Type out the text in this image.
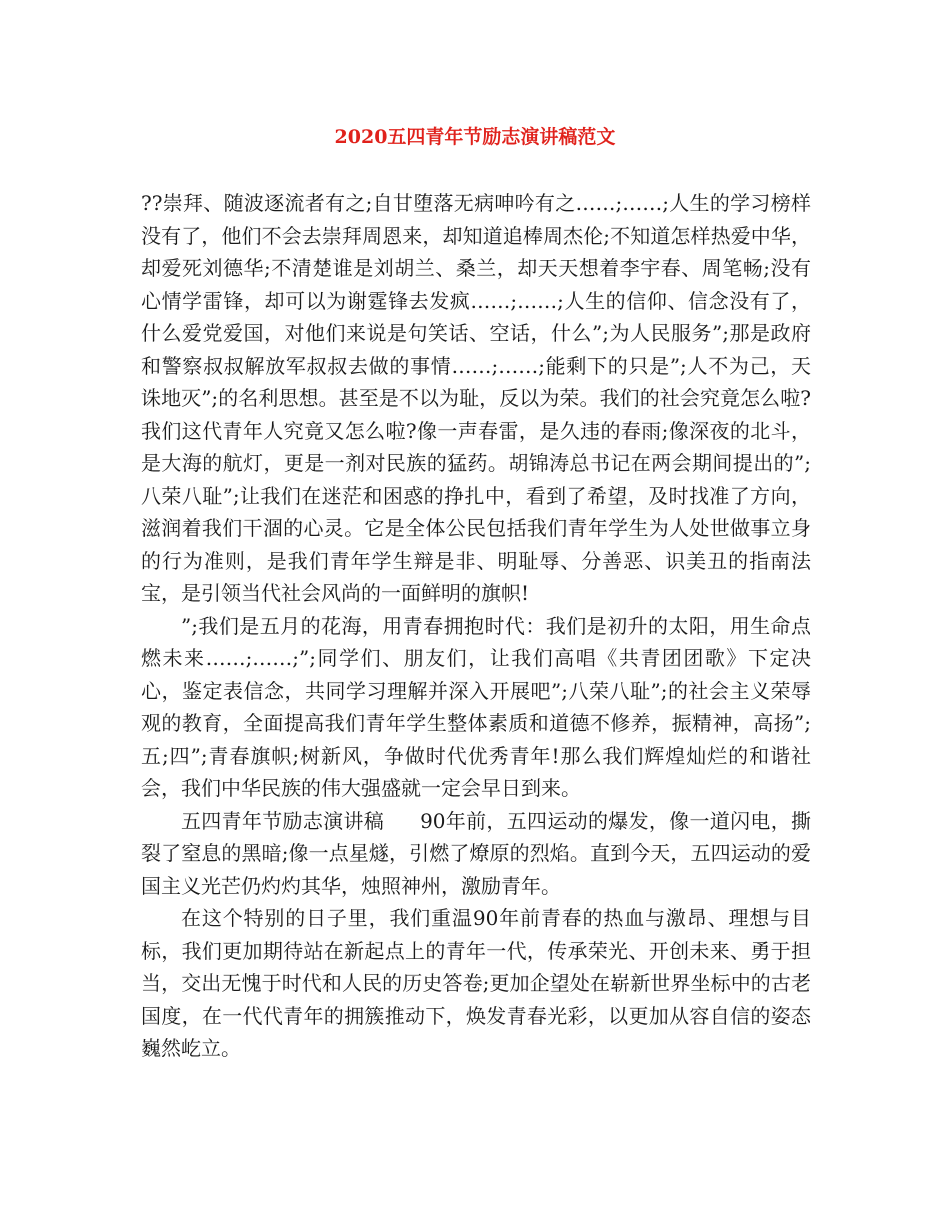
2020五四青年节励志演讲稿范文

??崇拜、随波逐流者有之;自甘堕落无病呻吟有之……;……;人生的学习榜样没有了，他们不会去崇拜周恩来，却知道追棒周杰伦;不知道怎样热爱中华，却爱死刘德华;不清楚谁是刘胡兰、桑兰，却天天想着李宇春、周笔畅;没有心情学雷锋，却可以为谢霆锋去发疯……;……;人生的信仰、信念没有了，什么爱党爱国，对他们来说是句笑话、空话，什么”;为人民服务”;那是政府和警察叔叔解放军叔叔去做的事情……;……;能剩下的只是”;人不为己，天诛地灭”;的名利思想。甚至是不以为耻，反以为荣。我们的社会究竟怎么啦?我们这代青年人究竟又怎么啦?像一声春雷，是久违的春雨;像深夜的北斗，是大海的航灯，更是一剂对民族的猛药。胡锦涛总书记在两会期间提出的”;八荣八耻”;让我们在迷茫和困惑的挣扎中，看到了希望，及时找准了方向，滋润着我们干涸的心灵。它是全体公民包括我们青年学生为人处世做事立身的行为准则，是我们青年学生辩是非、明耻辱、分善恶、识美丑的指南法宝，是引领当代社会风尚的一面鲜明的旗帜!

”;我们是五月的花海，用青春拥抱时代：我们是初升的太阳，用生命点燃未来……;……;”;同学们、朋友们，让我们高唱《共青团团歌》下定决心，鉴定表信念，共同学习理解并深入开展吧”;八荣八耻”;的社会主义荣辱观的教育，全面提高我们青年学生整体素质和道德不修养，振精神，高扬”;五;四”;青春旗帜;树新风，争做时代优秀青年!那么我们辉煌灿烂的和谐社会，我们中华民族的伟大强盛就一定会早日到来。

五四青年节励志演讲稿 90年前，五四运动的爆发，像一道闪电，撕裂了窒息的黑暗;像一点星燧，引燃了燎原的烈焰。直到今天，五四运动的爱国主义光芒仍灼灼其华，烛照神州，激励青年。

在这个特别的日子里，我们重温90年前青春的热血与激昂、理想与目标，我们更加期待站在新起点上的青年一代，传承荣光、开创未来、勇于担当，交出无愧于时代和人民的历史答卷;更加企望处在崭新世界坐标中的古老国度，在一代代青年的拥簇推动下，焕发青春光彩，以更加从容自信的姿态巍然屹立。
